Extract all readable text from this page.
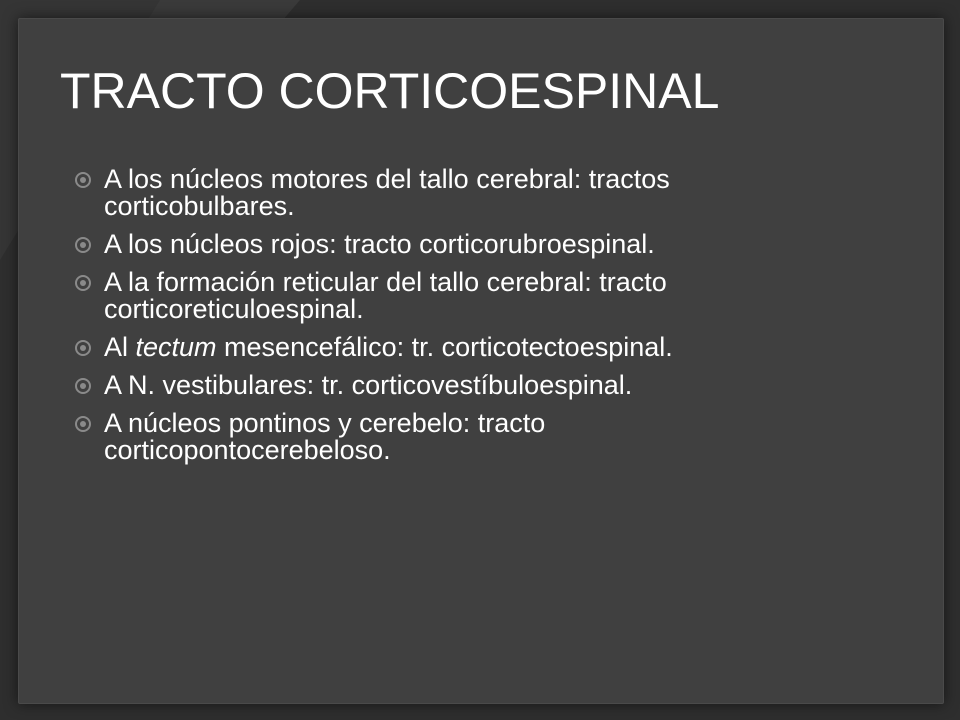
TRACTO CORTICOESPINAL
A los núcleos motores del tallo cerebral: tractos corticobulbares.
A los núcleos rojos: tracto corticorubroespinal.
A la formación reticular del tallo cerebral: tracto corticoreticuloespinal.
Al tectum mesencefálico: tr. corticotectoespinal.
A N. vestibulares: tr. corticovestíbuloespinal.
A núcleos pontinos y cerebelo: tracto corticopontocerebeloso.
